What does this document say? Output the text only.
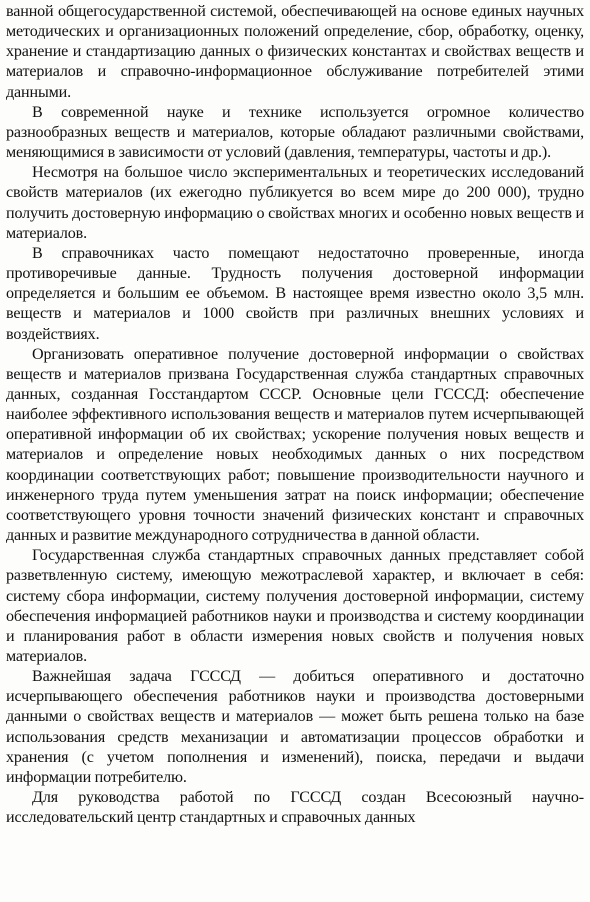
ванной общегосударственной системой, обеспечивающей на основе единых научных методических и организационных положений определение, сбор, обработку, оценку, хранение и стандартизацию данных о физических константах и свойствах веществ и материалов и справочно-информационное обслуживание потребителей этими данными.

В современной науке и технике используется огромное количество разнообразных веществ и материалов, которые обладают различными свойствами, меняющимися в зависимости от условий (давления, температуры, частоты и др.).

Несмотря на большое число экспериментальных и теоретических исследований свойств материалов (их ежегодно публикуется во всем мире до 200 000), трудно получить достоверную информацию о свойствах многих и особенно новых веществ и материалов.

В справочниках часто помещают недостаточно проверенные, иногда противоречивые данные. Трудность получения достоверной информации определяется и большим ее объемом. В настоящее время известно около 3,5 млн. веществ и материалов и 1000 свойств при различных внешних условиях и воздействиях.

Организовать оперативное получение достоверной информации о свойствах веществ и материалов призвана Государственная служба стандартных справочных данных, созданная Госстандартом СССР. Основные цели ГСССД: обеспечение наиболее эффективного использования веществ и материалов путем исчерпывающей оперативной информации об их свойствах; ускорение получения новых веществ и материалов и определение новых необходимых данных о них посредством координации соответствующих работ; повышение производительности научного и инженерного труда путем уменьшения затрат на поиск информации; обеспечение соответствующего уровня точности значений физических констант и справочных данных и развитие международного сотрудничества в данной области.

Государственная служба стандартных справочных данных представляет собой разветвленную систему, имеющую межотраслевой характер, и включает в себя: систему сбора информации, систему получения достоверной информации, систему обеспечения информацией работников науки и производства и систему координации и планирования работ в области измерения новых свойств и получения новых материалов.

Важнейшая задача ГСССД — добиться оперативного и достаточно исчерпывающего обеспечения работников науки и производства достоверными данными о свойствах веществ и материалов — может быть решена только на базе использования средств механизации и автоматизации процессов обработки и хранения (с учетом пополнения и изменений), поиска, передачи и выдачи информации потребителю.

Для руководства работой по ГСССД создан Всесоюзный научно-исследовательский центр стандартных и справочных данных
